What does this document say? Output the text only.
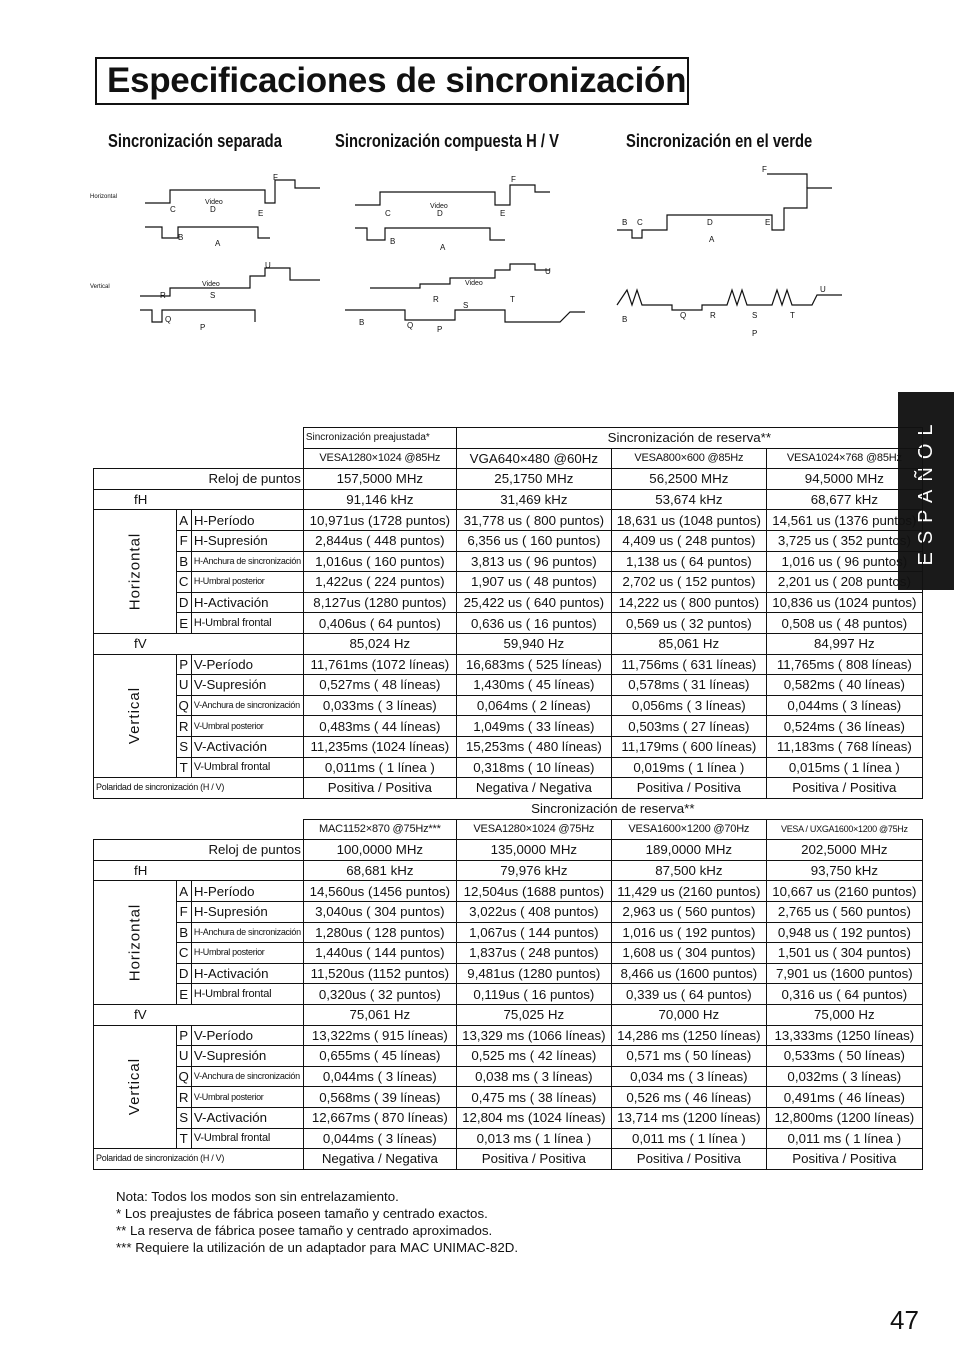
Especificaciones de sincronización
Sincronización separada	Sincronización compuesta H / V	Sincronización en el verde
Horizontal
Video
F
C	D	E
B
A
Vertical	Video
U
R	S
Q
P
Video
F
C	D	E
B
A
Video
U
R
S
T
B	Q	P
F
B C	D	E
A
U
B	Q	R	S	T
P
ESPAÑOL
			Sincronización preajustada*	Sincronización de reserva**		
			VESA1280×1024 @85Hz	VGA640×480 @60Hz	VESA800×600 @85Hz	VESA1024×768 @85Hz
Reloj de puntos			157,5000 MHz	25,1750 MHz	56,2500 MHz	94,5000 MHz
fH			91,146 kHz	31,469 kHz	53,674 kHz	68,677 kHz
Horizontal	A	H-Período	10,971us (1728 puntos)	31,778 us ( 800 puntos)	18,631 us (1048 puntos)	14,561 us (1376 puntos)
	F	H-Supresión	2,844us ( 448 puntos)	6,356 us ( 160 puntos)	4,409 us ( 248 puntos)	3,725 us ( 352 puntos)
	B	H-Anchura de sincronización	1,016us ( 160 puntos)	3,813 us ( 96 puntos)	1,138 us ( 64 puntos)	1,016 us ( 96 puntos)
	C	H-Umbral posterior	1,422us ( 224 puntos)	1,907 us ( 48 puntos)	2,702 us ( 152 puntos)	2,201 us ( 208 puntos)
	D	H-Activación	8,127us (1280 puntos)	25,422 us ( 640 puntos)	14,222 us ( 800 puntos)	10,836 us (1024 puntos)
	E	H-Umbral frontal	0,406us ( 64 puntos)	0,636 us ( 16 puntos)	0,569 us ( 32 puntos)	0,508 us ( 48 puntos)
fV			85,024 Hz	59,940 Hz	85,061 Hz	84,997 Hz
Vertical	P	V-Período	11,761ms (1072 líneas)	16,683ms ( 525 líneas)	11,756ms ( 631 líneas)	11,765ms ( 808 líneas)
	U	V-Supresión	0,527ms ( 48 líneas)	1,430ms ( 45 líneas)	0,578ms ( 31 líneas)	0,582ms ( 40 líneas)
	Q	V-Anchura de sincronización	0,033ms ( 3 líneas)	0,064ms ( 2 líneas)	0,056ms ( 3 líneas)	0,044ms ( 3 líneas)
	R	V-Umbral posterior	0,483ms ( 44 líneas)	1,049ms ( 33 líneas)	0,503ms ( 27 líneas)	0,524ms ( 36 líneas)
	S	V-Activación	11,235ms (1024 líneas)	15,253ms ( 480 líneas)	11,179ms ( 600 líneas)	11,183ms ( 768 líneas)
	T	V-Umbral frontal	0,011ms ( 1 línea )	0,318ms ( 10 líneas)	0,019ms ( 1 línea )	0,015ms ( 1 línea )
Polaridad de sincronización (H / V)			Positiva / Positiva	Negativa / Negativa	Positiva / Positiva	Positiva / Positiva
			Sincronización de reserva**			
			MAC1152×870 @75Hz***	VESA1280×1024 @75Hz	VESA1600×1200 @70Hz	VESA / UXGA1600×1200 @75Hz
Reloj de puntos			100,0000 MHz	135,0000 MHz	189,0000 MHz	202,5000 MHz
fH			68,681 kHz	79,976 kHz	87,500 kHz	93,750 kHz
Horizontal	A	H-Período	14,560us (1456 puntos)	12,504us (1688 puntos)	11,429 us (2160 puntos)	10,667 us (2160 puntos)
	F	H-Supresión	3,040us ( 304 puntos)	3,022us ( 408 puntos)	2,963 us ( 560 puntos)	2,765 us ( 560 puntos)
	B	H-Anchura de sincronización	1,280us ( 128 puntos)	1,067us ( 144 puntos)	1,016 us ( 192 puntos)	0,948 us ( 192 puntos)
	C	H-Umbral posterior	1,440us ( 144 puntos)	1,837us ( 248 puntos)	1,608 us ( 304 puntos)	1,501 us ( 304 puntos)
	D	H-Activación	11,520us (1152 puntos)	9,481us (1280 puntos)	8,466 us (1600 puntos)	7,901 us (1600 puntos)
	E	H-Umbral frontal	0,320us ( 32 puntos)	0,119us ( 16 puntos)	0,339 us ( 64 puntos)	0,316 us ( 64 puntos)
fV			75,061 Hz	75,025 Hz	70,000 Hz	75,000 Hz
Vertical	P	V-Período	13,322ms ( 915 líneas)	13,329 ms (1066 líneas)	14,286 ms (1250 líneas)	13,333ms (1250 líneas)
	U	V-Supresión	0,655ms ( 45 líneas)	0,525 ms ( 42 líneas)	0,571 ms ( 50 líneas)	0,533ms ( 50 líneas)
	Q	V-Anchura de sincronización	0,044ms ( 3 líneas)	0,038 ms ( 3 líneas)	0,034 ms ( 3 líneas)	0,032ms ( 3 líneas)
	R	V-Umbral posterior	0,568ms ( 39 líneas)	0,475 ms ( 38 líneas)	0,526 ms ( 46 líneas)	0,491ms ( 46 líneas)
	S	V-Activación	12,667ms ( 870 líneas)	12,804 ms (1024 líneas)	13,714 ms (1200 líneas)	12,800ms (1200 líneas)
	T	V-Umbral frontal	0,044ms ( 3 líneas)	0,013 ms ( 1 línea )	0,011 ms ( 1 línea )	0,011 ms ( 1 línea )
Polaridad de sincronización (H / V)			Negativa / Negativa	Positiva / Positiva	Positiva / Positiva	Positiva / Positiva
Nota: Todos los modos son sin entrelazamiento.
* Los preajustes de fábrica poseen tamaño y centrado exactos.
** La reserva de fábrica posee tamaño y centrado aproximados.
*** Requiere la utilización de un adaptador para MAC UNIMAC-82D.
47
